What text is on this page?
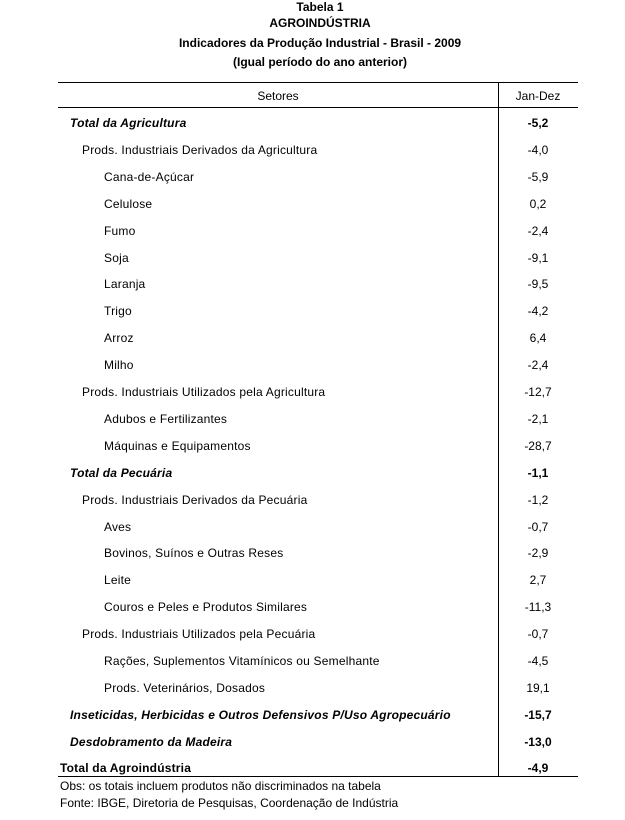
Tabela 1
AGROINDÚSTRIA
Indicadores da Produção Industrial - Brasil - 2009
(Igual período do ano anterior)
Setores	Jan-Dez
Total da Agricultura	-5,2
Prods. Industriais Derivados da Agricultura	-4,0
Cana-de-Açúcar	-5,9
Celulose	0,2
Fumo	-2,4
Soja	-9,1
Laranja	-9,5
Trigo	-4,2
Arroz	6,4
Milho	-2,4
Prods. Industriais Utilizados pela Agricultura	-12,7
Adubos e Fertilizantes	-2,1
Máquinas e Equipamentos	-28,7
Total da Pecuária	-1,1
Prods. Industriais Derivados da Pecuária	-1,2
Aves	-0,7
Bovinos, Suínos e Outras Reses	-2,9
Leite	2,7
Couros e Peles e Produtos Similares	-11,3
Prods. Industriais Utilizados pela Pecuária	-0,7
Rações, Suplementos Vitamínicos ou Semelhante	-4,5
Prods. Veterinários, Dosados	19,1
Inseticidas, Herbicidas e Outros Defensivos P/Uso Agropecuário	-15,7
Desdobramento da Madeira	-13,0
Total da Agroindústria	-4,9
Obs: os totais incluem produtos não discriminados na tabela
Fonte: IBGE, Diretoria de Pesquisas, Coordenação de Indústria
